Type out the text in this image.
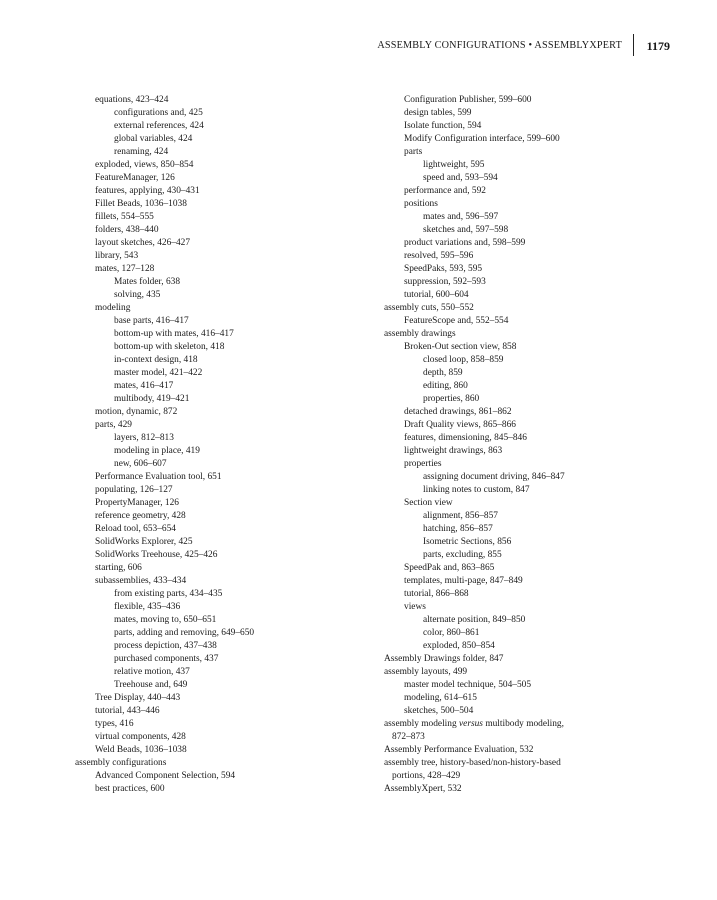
ASSEMBLY CONFIGURATIONS • ASSEMBLYXPERT 1179
equations, 423–424
configurations and, 425
external references, 424
global variables, 424
renaming, 424
exploded, views, 850–854
FeatureManager, 126
features, applying, 430–431
Fillet Beads, 1036–1038
fillets, 554–555
folders, 438–440
layout sketches, 426–427
library, 543
mates, 127–128
Mates folder, 638
solving, 435
modeling
base parts, 416–417
bottom-up with mates, 416–417
bottom-up with skeleton, 418
in-context design, 418
master model, 421–422
mates, 416–417
multibody, 419–421
motion, dynamic, 872
parts, 429
layers, 812–813
modeling in place, 419
new, 606–607
Performance Evaluation tool, 651
populating, 126–127
PropertyManager, 126
reference geometry, 428
Reload tool, 653–654
SolidWorks Explorer, 425
SolidWorks Treehouse, 425–426
starting, 606
subassemblies, 433–434
from existing parts, 434–435
flexible, 435–436
mates, moving to, 650–651
parts, adding and removing, 649–650
process depiction, 437–438
purchased components, 437
relative motion, 437
Treehouse and, 649
Tree Display, 440–443
tutorial, 443–446
types, 416
virtual components, 428
Weld Beads, 1036–1038
assembly configurations
Advanced Component Selection, 594
best practices, 600
Configuration Publisher, 599–600
design tables, 599
Isolate function, 594
Modify Configuration interface, 599–600
parts
lightweight, 595
speed and, 593–594
performance and, 592
positions
mates and, 596–597
sketches and, 597–598
product variations and, 598–599
resolved, 595–596
SpeedPaks, 593, 595
suppression, 592–593
tutorial, 600–604
assembly cuts, 550–552
FeatureScope and, 552–554
assembly drawings
Broken-Out section view, 858
closed loop, 858–859
depth, 859
editing, 860
properties, 860
detached drawings, 861–862
Draft Quality views, 865–866
features, dimensioning, 845–846
lightweight drawings, 863
properties
assigning document driving, 846–847
linking notes to custom, 847
Section view
alignment, 856–857
hatching, 856–857
Isometric Sections, 856
parts, excluding, 855
SpeedPak and, 863–865
templates, multi-page, 847–849
tutorial, 866–868
views
alternate position, 849–850
color, 860–861
exploded, 850–854
Assembly Drawings folder, 847
assembly layouts, 499
master model technique, 504–505
modeling, 614–615
sketches, 500–504
assembly modeling versus multibody modeling,
872–873
Assembly Performance Evaluation, 532
assembly tree, history-based/non-history-based
portions, 428–429
AssemblyXpert, 532
